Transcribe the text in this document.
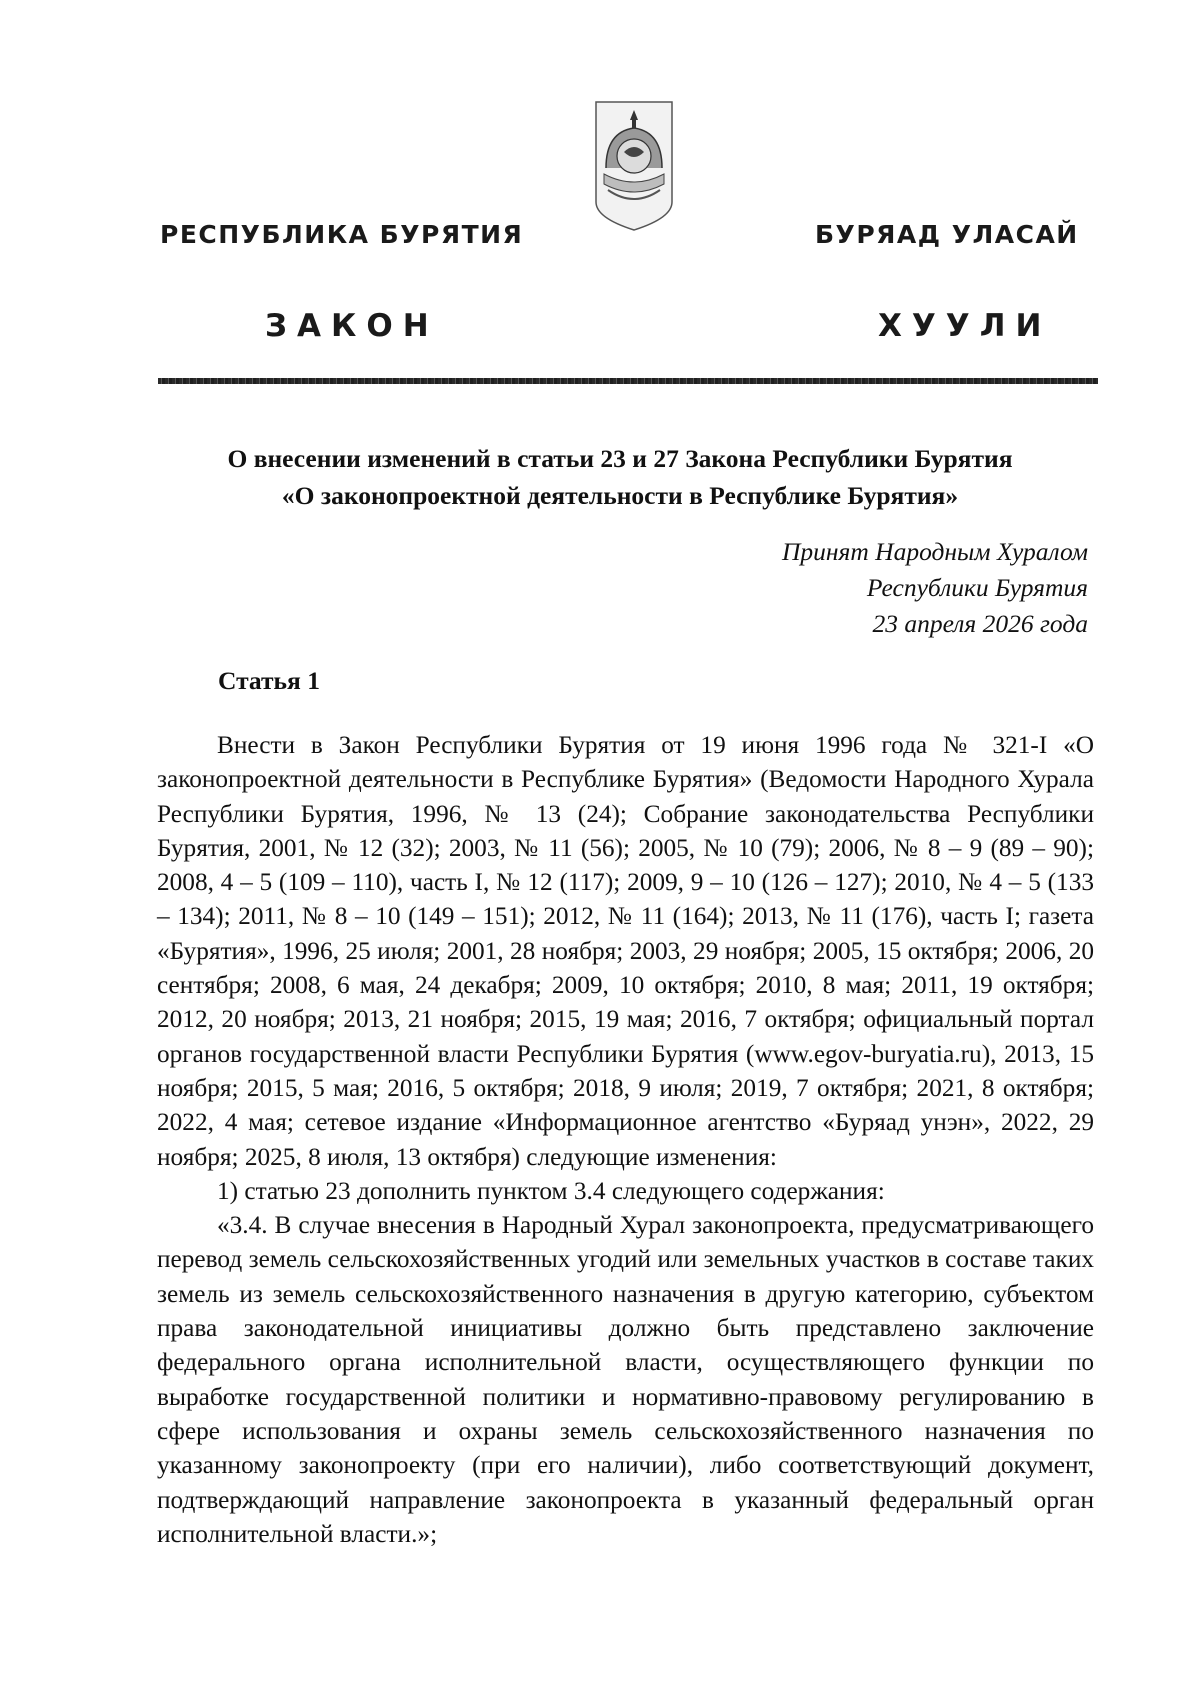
РЕСПУБЛИКА БУРЯТИЯ	БУРЯАД УЛАСАЙ
ЗАКОН	ХУУЛИ
О внесении изменений в статьи 23 и 27 Закона Республики Бурятия
«О законопроектной деятельности в Республике Бурятия»
Принят Народным Хуралом
Республики Бурятия
23 апреля 2026 года
Статья 1

Внести в Закон Республики Бурятия от 19 июня 1996 года № 321-I «О законопроектной деятельности в Республике Бурятия» (Ведомости Народного Хурала Республики Бурятия, 1996, № 13 (24); Собрание законодательства Республики Бурятия, 2001, № 12 (32); 2003, № 11 (56); 2005, № 10 (79); 2006, № 8 – 9 (89 – 90); 2008, 4 – 5 (109 – 110), часть I, № 12 (117); 2009, 9 – 10 (126 – 127); 2010, № 4 – 5 (133 – 134); 2011, № 8 – 10 (149 – 151); 2012, № 11 (164); 2013, № 11 (176), часть I; газета «Бурятия», 1996, 25 июля; 2001, 28 ноября; 2003, 29 ноября; 2005, 15 октября; 2006, 20 сентября; 2008, 6 мая, 24 декабря; 2009, 10 октября; 2010, 8 мая; 2011, 19 октября; 2012, 20 ноября; 2013, 21 ноября; 2015, 19 мая; 2016, 7 октября; официальный портал органов государственной власти Республики Бурятия (www.egov-buryatia.ru), 2013, 15 ноября; 2015, 5 мая; 2016, 5 октября; 2018, 9 июля; 2019, 7 октября; 2021, 8 октября; 2022, 4 мая; сетевое издание «Информационное агентство «Буряад унэн», 2022, 29 ноября; 2025, 8 июля, 13 октября) следующие изменения:

1) статью 23 дополнить пунктом 3.4 следующего содержания:

«3.4. В случае внесения в Народный Хурал законопроекта, предусматривающего перевод земель сельскохозяйственных угодий или земельных участков в составе таких земель из земель сельскохозяйственного назначения в другую категорию, субъектом права законодательной инициативы должно быть представлено заключение федерального органа исполнительной власти, осуществляющего функции по выработке государственной политики и нормативно-правовому регулированию в сфере использования и охраны земель сельскохозяйственного назначения по указанному законопроекту (при его наличии), либо соответствующий документ, подтверждающий направление законопроекта в указанный федеральный орган исполнительной власти.»;
